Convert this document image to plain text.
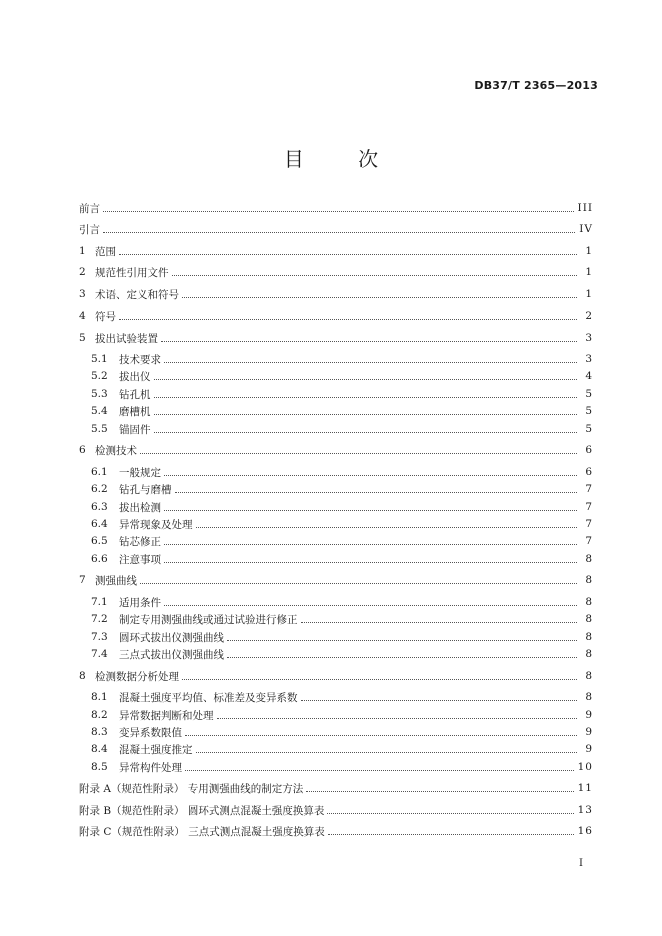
DB37/T 2365—2013
目 次
前言	III
引言	IV
1 范围	1
2 规范性引用文件	1
3 术语、定义和符号	1
4 符号	2
5 拔出试验装置	3
5.1	技术要求	3
5.2	拔出仪	4
5.3	钻孔机	5
5.4	磨槽机	5
5.5	锚固件	5
6 检测技术	6
6.1	一般规定	6
6.2	钻孔与磨槽	7
6.3	拔出检测	7
6.4	异常现象及处理	7
6.5	钻芯修正	7
6.6	注意事项	8
7 测强曲线	8
7.1	适用条件	8
7.2	制定专用测强曲线或通过试验进行修正	8
7.3	圆环式拔出仪测强曲线	8
7.4	三点式拔出仪测强曲线	8
8 检测数据分析处理	8
8.1	混凝土强度平均值、标准差及变异系数	8
8.2	异常数据判断和处理	9
8.3	变异系数限值	9
8.4	混凝土强度推定	9
8.5	异常构件处理	10
附录 A（规范性附录） 专用测强曲线的制定方法	11
附录 B（规范性附录） 圆环式测点混凝土强度换算表	13
附录 C（规范性附录） 三点式测点混凝土强度换算表	16
I
